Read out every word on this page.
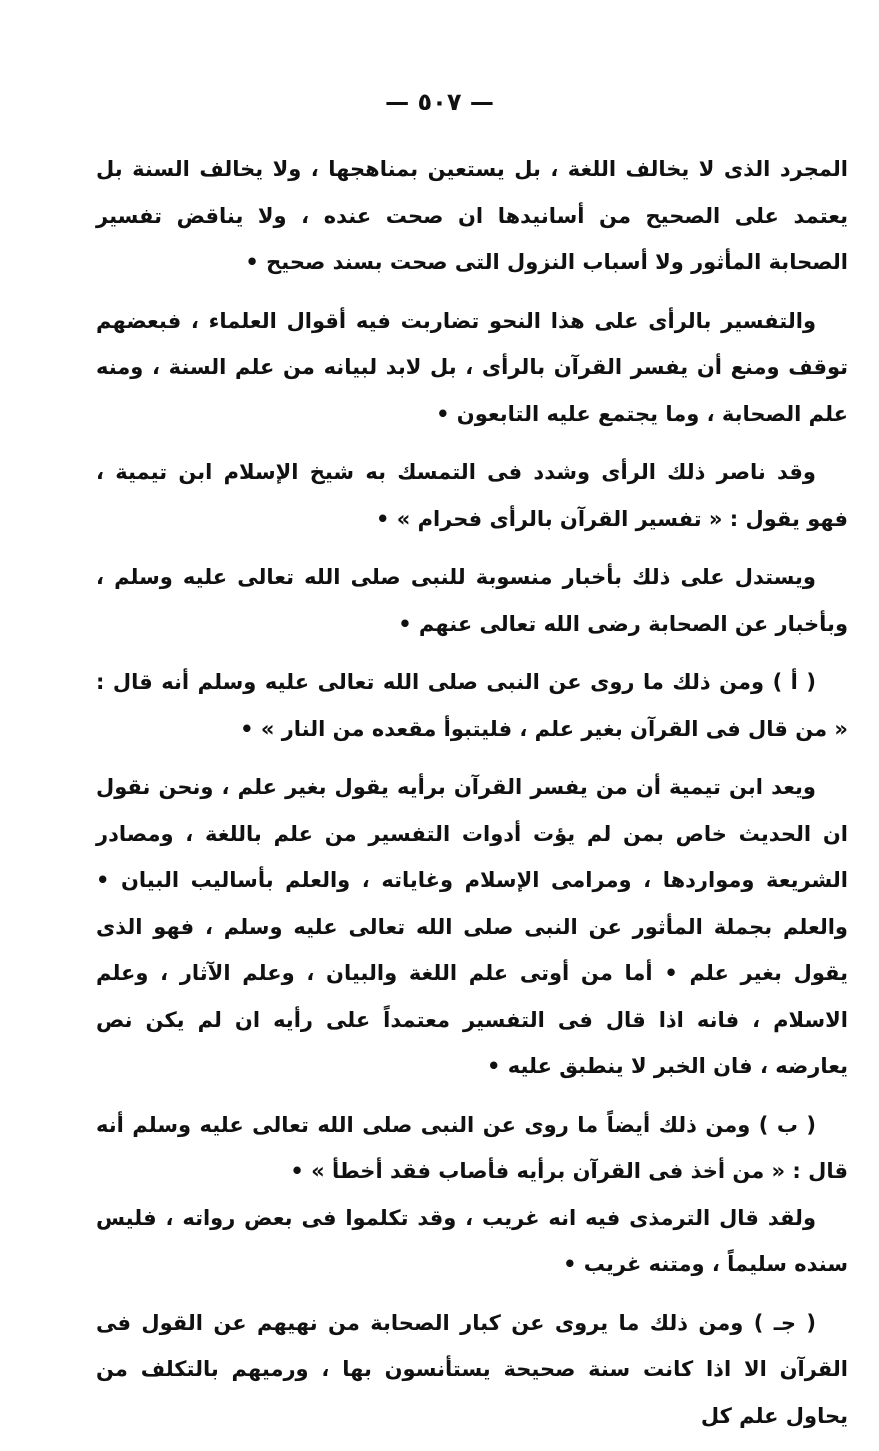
— ٥٠٧ —

المجرد الذى لا يخالف اللغة ، بل يستعين بمناهجها ، ولا يخالف السنة بل يعتمد على الصحيح من أسانيدها ان صحت عنده ، ولا يناقض تفسير الصحابة المأثور ولا أسباب النزول التى صحت بسند صحيح •

والتفسير بالرأى على هذا النحو تضاربت فيه أقوال العلماء ، فبعضهم توقف ومنع أن يفسر القرآن بالرأى ، بل لابد لبيانه من علم السنة ، ومنه علم الصحابة ، وما يجتمع عليه التابعون •

وقد ناصر ذلك الرأى وشدد فى التمسك به شيخ الإسلام ابن تيمية ، فهو يقول : « تفسير القرآن بالرأى فحرام » •

ويستدل على ذلك بأخبار منسوبة للنبى صلى الله تعالى عليه وسلم ، وبأخبار عن الصحابة رضى الله تعالى عنهم •

( أ ) ومن ذلك ما روى عن النبى صلى الله تعالى عليه وسلم أنه قال : « من قال فى القرآن بغير علم ، فليتبوأ مقعده من النار » •

ويعد ابن تيمية أن من يفسر القرآن برأيه يقول بغير علم ، ونحن نقول ان الحديث خاص بمن لم يؤت أدوات التفسير من علم باللغة ، ومصادر الشريعة ومواردها ، ومرامى الإسلام وغاياته ، والعلم بأساليب البيان • والعلم بجملة المأثور عن النبى صلى الله تعالى عليه وسلم ، فهو الذى يقول بغير علم • أما من أوتى علم اللغة والبيان ، وعلم الآثار ، وعلم الاسلام ، فانه اذا قال فى التفسير معتمداً على رأيه ان لم يكن نص يعارضه ، فان الخبر لا ينطبق عليه •

( ب ) ومن ذلك أيضاً ما روى عن النبى صلى الله تعالى عليه وسلم أنه قال : « من أخذ فى القرآن برأيه فأصاب فقد أخطأ » •

ولقد قال الترمذى فيه انه غريب ، وقد تكلموا فى بعض رواته ، فليس سنده سليماً ، ومتنه غريب •

( جـ ) ومن ذلك ما يروى عن كبار الصحابة من نهيهم عن القول فى القرآن الا اذا كانت سنة صحيحة يستأنسون بها ، ورميهم بالتكلف من يحاول علم كل
